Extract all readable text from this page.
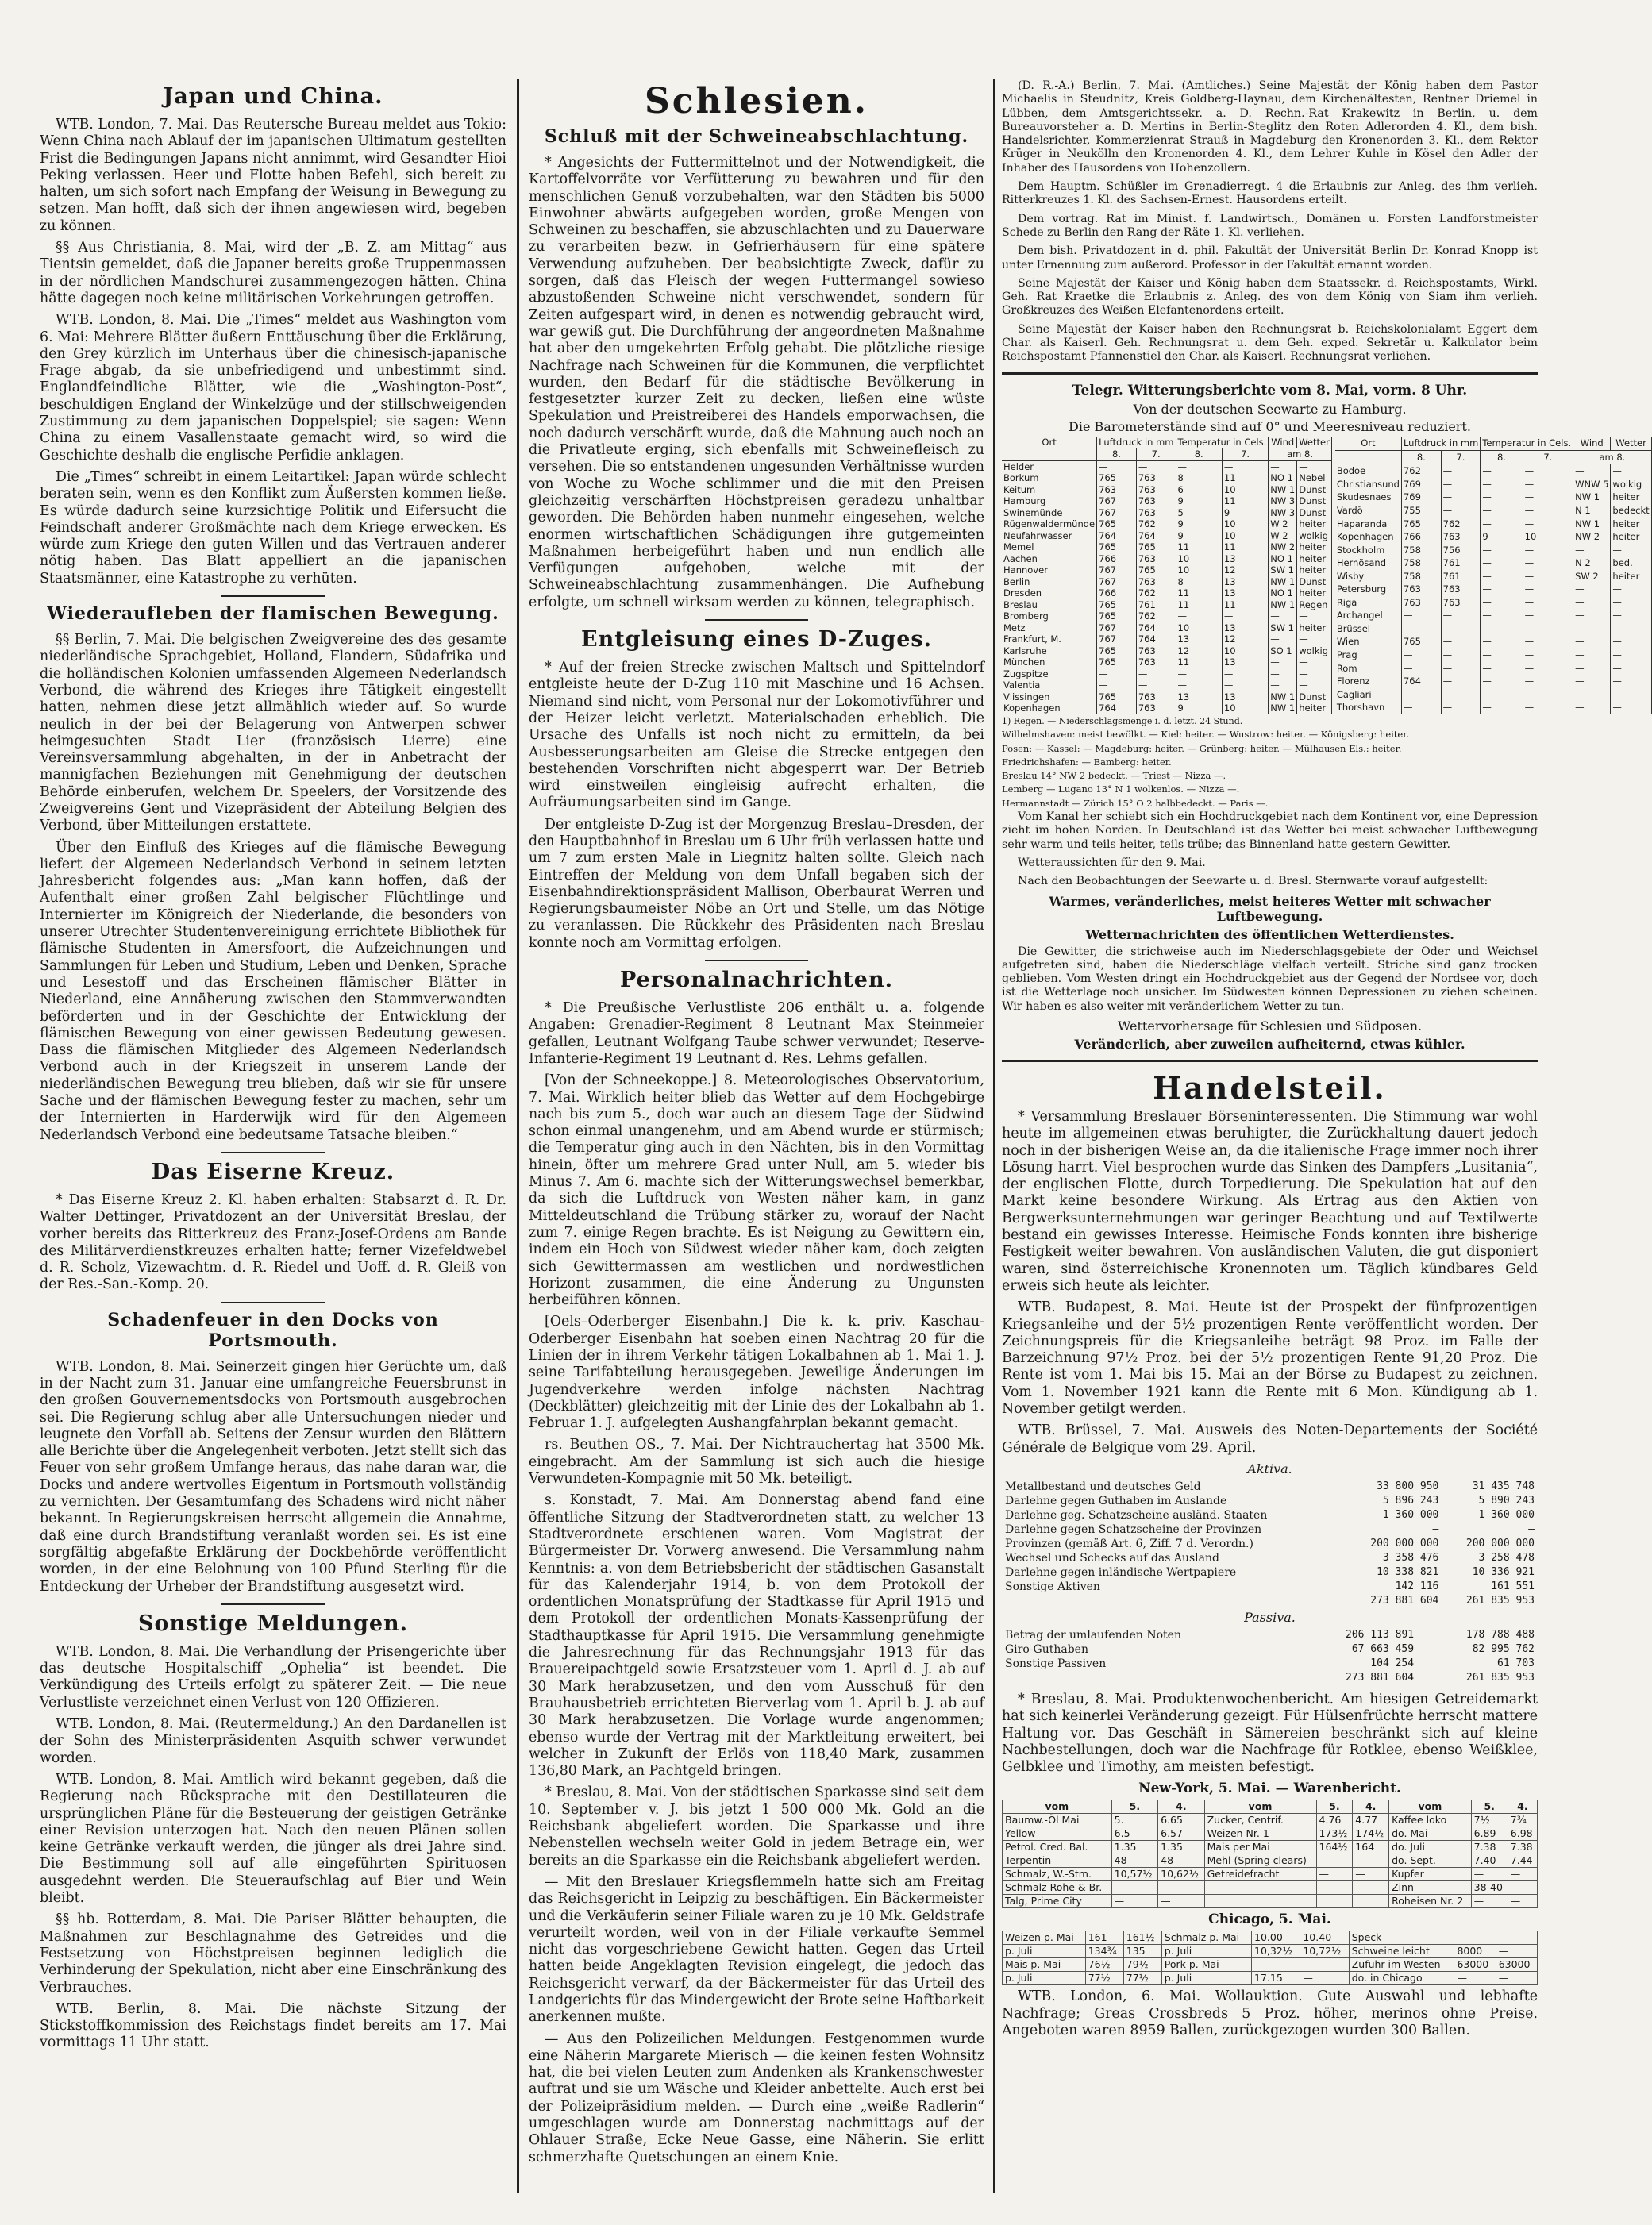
Japan und China.
WTB. London, 7. Mai. Das Reutersche Bureau meldet aus Tokio: Wenn China nach Ablauf der im japanischen Ultimatum gestellten Frist die Bedingungen Japans nicht annimmt, wird Gesandter Hioi Peking verlassen. Heer und Flotte haben Befehl, sich bereit zu halten, um sich sofort nach Empfang der Weisung in Bewegung zu setzen. Man hofft, daß sich der ihnen angewiesen wird, begeben zu können.
§§ Aus Christiania, 8. Mai, wird der „B. Z. am Mittag“ aus Tientsin gemeldet, daß die Japaner bereits große Truppenmassen in der nördlichen Mandschurei zusammengezogen hätten. China hätte dagegen noch keine militärischen Vorkehrungen getroffen.
WTB. London, 8. Mai. Die „Times“ meldet aus Washington vom 6. Mai: Mehrere Blätter äußern Enttäuschung über die Erklärung, den Grey kürzlich im Unterhaus über die chinesisch-japanische Frage abgab, da sie unbefriedigend und unbestimmt sind. Englandfeindliche Blätter, wie die „Washington-Post“, beschuldigen England der Winkelzüge und der stillschweigenden Zustimmung zu dem japanischen Doppelspiel; sie sagen: Wenn China zu einem Vasallenstaate gemacht wird, so wird die Geschichte deshalb die englische Perfidie anklagen.
Die „Times“ schreibt in einem Leitartikel: Japan würde schlecht beraten sein, wenn es den Konflikt zum Äußersten kommen ließe. Es würde dadurch seine kurzsichtige Politik und Eifersucht die Feindschaft anderer Großmächte nach dem Kriege erwecken. Es würde zum Kriege den guten Willen und das Vertrauen anderer nötig haben. Das Blatt appelliert an die japanischen Staatsmänner, eine Katastrophe zu verhüten.
Wiederaufleben der flamischen Bewegung.
§§ Berlin, 7. Mai. Die belgischen Zweigvereine des des gesamte niederländische Sprachgebiet, Holland, Flandern, Südafrika und die holländischen Kolonien umfassenden Algemeen Nederlandsch Verbond, die während des Krieges ihre Tätigkeit eingestellt hatten, nehmen diese jetzt allmählich wieder auf. So wurde neulich in der bei der Belagerung von Antwerpen schwer heimgesuchten Stadt Lier (französisch Lierre) eine Vereinsversammlung abgehalten, in der in Anbetracht der mannigfachen Beziehungen mit Genehmigung der deutschen Behörde einberufen, welchem Dr. Speelers, der Vorsitzende des Zweigvereins Gent und Vizepräsident der Abteilung Belgien des Verbond, über Mitteilungen erstattete.
Über den Einfluß des Krieges auf die flämische Bewegung liefert der Algemeen Nederlandsch Verbond in seinem letzten Jahresbericht folgendes aus: „Man kann hoffen, daß der Aufenthalt einer großen Zahl belgischer Flüchtlinge und Internierter im Königreich der Niederlande, die besonders von unserer Utrechter Studentenvereinigung errichtete Bibliothek für flämische Studenten in Amersfoort, die Aufzeichnungen und Sammlungen für Leben und Studium, Leben und Denken, Sprache und Lesestoff und das Erscheinen flämischer Blätter in Niederland, eine Annäherung zwischen den Stammverwandten beförderten und in der Geschichte der Entwicklung der flämischen Bewegung von einer gewissen Bedeutung gewesen. Dass die flämischen Mitglieder des Algemeen Nederlandsch Verbond auch in der Kriegszeit in unserem Lande der niederländischen Bewegung treu blieben, daß wir sie für unsere Sache und der flämischen Bewegung fester zu machen, sehr um der Internierten in Harderwijk wird für den Algemeen Nederlandsch Verbond eine bedeutsame Tatsache bleiben.“
Das Eiserne Kreuz.
* Das Eiserne Kreuz 2. Kl. haben erhalten: Stabsarzt d. R. Dr. Walter Dettinger, Privatdozent an der Universität Breslau, der vorher bereits das Ritterkreuz des Franz-Josef-Ordens am Bande des Militärverdienstkreuzes erhalten hatte; ferner Vizefeldwebel d. R. Scholz, Vizewachtm. d. R. Riedel und Uoff. d. R. Gleiß von der Res.-San.-Komp. 20.
Schadenfeuer in den Docks von Portsmouth.
WTB. London, 8. Mai. Seinerzeit gingen hier Gerüchte um, daß in der Nacht zum 31. Januar eine umfangreiche Feuersbrunst in den großen Gouvernementsdocks von Portsmouth ausgebrochen sei. Die Regierung schlug aber alle Untersuchungen nieder und leugnete den Vorfall ab. Seitens der Zensur wurden den Blättern alle Berichte über die Angelegenheit verboten. Jetzt stellt sich das Feuer von sehr großem Umfange heraus, das nahe daran war, die Docks und andere wertvolles Eigentum in Portsmouth vollständig zu vernichten. Der Gesamtumfang des Schadens wird nicht näher bekannt. In Regierungskreisen herrscht allgemein die Annahme, daß eine durch Brandstiftung veranlaßt worden sei. Es ist eine sorgfältig abgefaßte Erklärung der Dockbehörde veröffentlicht worden, in der eine Belohnung von 100 Pfund Sterling für die Entdeckung der Urheber der Brandstiftung ausgesetzt wird.
Sonstige Meldungen.
WTB. London, 8. Mai. Die Verhandlung der Prisengerichte über das deutsche Hospitalschiff „Ophelia“ ist beendet. Die Verkündigung des Urteils erfolgt zu späterer Zeit. — Die neue Verlustliste verzeichnet einen Verlust von 120 Offizieren.
WTB. London, 8. Mai. (Reutermeldung.) An den Dardanellen ist der Sohn des Ministerpräsidenten Asquith schwer verwundet worden.
WTB. London, 8. Mai. Amtlich wird bekannt gegeben, daß die Regierung nach Rücksprache mit den Destillateuren die ursprünglichen Pläne für die Besteuerung der geistigen Getränke einer Revision unterzogen hat. Nach den neuen Plänen sollen keine Getränke verkauft werden, die jünger als drei Jahre sind. Die Bestimmung soll auf alle eingeführten Spirituosen ausgedehnt werden. Die Steueraufschlag auf Bier und Wein bleibt.
§§ hb. Rotterdam, 8. Mai. Die Pariser Blätter behaupten, die Maßnahmen zur Beschlagnahme des Getreides und die Festsetzung von Höchstpreisen beginnen lediglich die Verhinderung der Spekulation, nicht aber eine Einschränkung des Verbrauches.
WTB. Berlin, 8. Mai. Die nächste Sitzung der Stickstoffkommission des Reichstags findet bereits am 17. Mai vormittags 11 Uhr statt.
Schlesien.
Schluß mit der Schweineabschlachtung.
* Angesichts der Futtermittelnot und der Notwendigkeit, die Kartoffelvorräte vor Verfütterung zu bewahren und für den menschlichen Genuß vorzubehalten, war den Städten bis 5000 Einwohner abwärts aufgegeben worden, große Mengen von Schweinen zu beschaffen, sie abzuschlachten und zu Dauerware zu verarbeiten bezw. in Gefrierhäusern für eine spätere Verwendung aufzuheben. Der beabsichtigte Zweck, dafür zu sorgen, daß das Fleisch der wegen Futtermangel sowieso abzustoßenden Schweine nicht verschwendet, sondern für Zeiten aufgespart wird, in denen es notwendig gebraucht wird, war gewiß gut. Die Durchführung der angeordneten Maßnahme hat aber den umgekehrten Erfolg gehabt. Die plötzliche riesige Nachfrage nach Schweinen für die Kommunen, die verpflichtet wurden, den Bedarf für die städtische Bevölkerung in festgesetzter kurzer Zeit zu decken, ließen eine wüste Spekulation und Preistreiberei des Handels emporwachsen, die noch dadurch verschärft wurde, daß die Mahnung auch noch an die Privatleute erging, sich ebenfalls mit Schweinefleisch zu versehen. Die so entstandenen ungesunden Verhältnisse wurden von Woche zu Woche schlimmer und die mit den Preisen gleichzeitig verschärften Höchstpreisen geradezu unhaltbar geworden. Die Behörden haben nunmehr eingesehen, welche enormen wirtschaftlichen Schädigungen ihre gutgemeinten Maßnahmen herbeigeführt haben und nun endlich alle Verfügungen aufgehoben, welche mit der Schweineabschlachtung zusammenhängen. Die Aufhebung erfolgte, um schnell wirksam werden zu können, telegraphisch.
Entgleisung eines D-Zuges.
* Auf der freien Strecke zwischen Maltsch und Spittelndorf entgleiste heute der D-Zug 110 mit Maschine und 16 Achsen. Niemand sind nicht, vom Personal nur der Lokomotivführer und der Heizer leicht verletzt. Materialschaden erheblich. Die Ursache des Unfalls ist noch nicht zu ermitteln, da bei Ausbesserungsarbeiten am Gleise die Strecke entgegen den bestehenden Vorschriften nicht abgesperrt war. Der Betrieb wird einstweilen eingleisig aufrecht erhalten, die Aufräumungsarbeiten sind im Gange.
Der entgleiste D-Zug ist der Morgenzug Breslau–Dresden, der den Hauptbahnhof in Breslau um 6 Uhr früh verlassen hatte und um 7 zum ersten Male in Liegnitz halten sollte. Gleich nach Eintreffen der Meldung von dem Unfall begaben sich der Eisenbahndirektionspräsident Mallison, Oberbaurat Werren und Regierungsbaumeister Nöbe an Ort und Stelle, um das Nötige zu veranlassen. Die Rückkehr des Präsidenten nach Breslau konnte noch am Vormittag erfolgen.
Personalnachrichten.
* Die Preußische Verlustliste 206 enthält u. a. folgende Angaben: Grenadier-Regiment 8 Leutnant Max Steinmeier gefallen, Leutnant Wolfgang Taube schwer verwundet; Reserve-Infanterie-Regiment 19 Leutnant d. Res. Lehms gefallen.
[Von der Schneekoppe.] 8. Meteorologisches Observatorium, 7. Mai. Wirklich heiter blieb das Wetter auf dem Hochgebirge nach bis zum 5., doch war auch an diesem Tage der Südwind schon einmal unangenehm, und am Abend wurde er stürmisch; die Temperatur ging auch in den Nächten, bis in den Vormittag hinein, öfter um mehrere Grad unter Null, am 5. wieder bis Minus 7. Am 6. machte sich der Witterungswechsel bemerkbar, da sich die Luftdruck von Westen näher kam, in ganz Mitteldeutschland die Trübung stärker zu, worauf der Nacht zum 7. einige Regen brachte. Es ist Neigung zu Gewittern ein, indem ein Hoch von Südwest wieder näher kam, doch zeigten sich Gewittermassen am westlichen und nordwestlichen Horizont zusammen, die eine Änderung zu Ungunsten herbeiführen können.
[Oels–Oderberger Eisenbahn.] Die k. k. priv. Kaschau-Oderberger Eisenbahn hat soeben einen Nachtrag 20 für die Linien der in ihrem Verkehr tätigen Lokalbahnen ab 1. Mai 1. J. seine Tarifabteilung herausgegeben. Jeweilige Änderungen im Jugendverkehre werden infolge nächsten Nachtrag (Deckblätter) gleichzeitig mit der Linie des der Lokalbahn ab 1. Februar 1. J. aufgelegten Aushangfahrplan bekannt gemacht.
rs. Beuthen OS., 7. Mai. Der Nichtrauchertag hat 3500 Mk. eingebracht. Am der Sammlung ist sich auch die hiesige Verwundeten-Kompagnie mit 50 Mk. beteiligt.
s. Konstadt, 7. Mai. Am Donnerstag abend fand eine öffentliche Sitzung der Stadtverordneten statt, zu welcher 13 Stadtverordnete erschienen waren. Vom Magistrat der Bürgermeister Dr. Vorwerg anwesend. Die Versammlung nahm Kenntnis: a. von dem Betriebsbericht der städtischen Gasanstalt für das Kalenderjahr 1914, b. von dem Protokoll der ordentlichen Monatsprüfung der Stadtkasse für April 1915 und dem Protokoll der ordentlichen Monats-Kassenprüfung der Stadthauptkasse für April 1915. Die Versammlung genehmigte die Jahresrechnung für das Rechnungsjahr 1913 für das Brauereipachtgeld sowie Ersatzsteuer vom 1. April d. J. ab auf 30 Mark herabzusetzen, und den vom Ausschuß für den Brauhausbetrieb errichteten Bierverlag vom 1. April b. J. ab auf 30 Mark herabzusetzen. Die Vorlage wurde angenommen; ebenso wurde der Vertrag mit der Marktleitung erweitert, bei welcher in Zukunft der Erlös von 118,40 Mark, zusammen 136,80 Mark, an Pachtgeld bringen.
* Breslau, 8. Mai. Von der städtischen Sparkasse sind seit dem 10. September v. J. bis jetzt 1 500 000 Mk. Gold an die Reichsbank abgeliefert worden. Die Sparkasse und ihre Nebenstellen wechseln weiter Gold in jedem Betrage ein, wer bereits an die Sparkasse ein die Reichsbank abgeliefert werden.
— Mit den Breslauer Kriegsflemmeln hatte sich am Freitag das Reichsgericht in Leipzig zu beschäftigen. Ein Bäckermeister und die Verkäuferin seiner Filiale waren zu je 10 Mk. Geldstrafe verurteilt worden, weil von in der Filiale verkaufte Semmel nicht das vorgeschriebene Gewicht hatten. Gegen das Urteil hatten beide Angeklagten Revision eingelegt, die jedoch das Reichsgericht verwarf, da der Bäckermeister für das Urteil des Landgerichts für das Mindergewicht der Brote seine Haftbarkeit anerkennen mußte.
— Aus den Polizeilichen Meldungen. Festgenommen wurde eine Näherin Margarete Mierisch — die keinen festen Wohnsitz hat, die bei vielen Leuten zum Andenken als Krankenschwester auftrat und sie um Wäsche und Kleider anbettelte. Auch erst bei der Polizeipräsidium melden. — Durch eine „weiße Radlerin“ umgeschlagen wurde am Donnerstag nachmittags auf der Ohlauer Straße, Ecke Neue Gasse, eine Näherin. Sie erlitt schmerzhafte Quetschungen an einem Knie.
(D. R.-A.) Berlin, 7. Mai. (Amtliches.) Seine Majestät der König haben dem Pastor Michaelis in Steudnitz, Kreis Goldberg-Haynau, dem Kirchenältesten, Rentner Driemel in Lübben, dem Amtsgerichtssekr. a. D. Rechn.-Rat Krakewitz in Berlin, u. dem Bureauvorsteher a. D. Mertins in Berlin-Steglitz den Roten Adlerorden 4. Kl., dem bish. Handelsrichter, Kommerzienrat Strauß in Magdeburg den Kronenorden 3. Kl., dem Rektor Krüger in Neukölln den Kronenorden 4. Kl., dem Lehrer Kuhle in Kösel den Adler der Inhaber des Hausordens von Hohenzollern.
Dem Hauptm. Schüßler im Grenadierregt. 4 die Erlaubnis zur Anleg. des ihm verlieh. Ritterkreuzes 1. Kl. des Sachsen-Ernest. Hausordens erteilt.
Dem vortrag. Rat im Minist. f. Landwirtsch., Domänen u. Forsten Landforstmeister Schede zu Berlin den Rang der Räte 1. Kl. verliehen.
Dem bish. Privatdozent in d. phil. Fakultät der Universität Berlin Dr. Konrad Knopp ist unter Ernennung zum außerord. Professor in der Fakultät ernannt worden.
Seine Majestät der Kaiser und König haben dem Staatssekr. d. Reichspostamts, Wirkl. Geh. Rat Kraetke die Erlaubnis z. Anleg. des von dem König von Siam ihm verlieh. Großkreuzes des Weißen Elefantenordens erteilt.
Seine Majestät der Kaiser haben den Rechnungsrat b. Reichskolonialamt Eggert dem Char. als Kaiserl. Geh. Rechnungsrat u. dem Geh. exped. Sekretär u. Kalkulator beim Reichspostamt Pfannenstiel den Char. als Kaiserl. Rechnungsrat verliehen.
Telegr. Witterungsberichte vom 8. Mai, vorm. 8 Uhr.
Von der deutschen Seewarte zu Hamburg.
Die Barometerstände sind auf 0° und Meeresniveau reduziert.
Ort	Luftdruck in mm		Temperatur in Cels.		Wind	Wetter
	8.	7.	8.	7.	am 8.	
Helder	—	—	—	—	—	—
Borkum	765	763	8	11	NO 1	Nebel
Keitum	763	763	6	10	NW 1	Dunst
Hamburg	767	763	9	11	NW 3	Dunst
Swinemünde	767	763	5	9	NW 3	Dunst
Rügenwaldermünde	765	762	9	10	W 2	heiter
Neufahrwasser	764	764	9	10	W 2	wolkig
Memel	765	765	11	11	NW 2	heiter
Aachen	766	763	10	13	NO 1	heiter
Hannover	767	765	10	12	SW 1	heiter
Berlin	767	763	8	13	NW 1	Dunst
Dresden	766	762	11	13	NO 1	heiter
Breslau	765	761	11	11	NW 1	Regen
Bromberg	765	762	—	—	—	—
Metz	767	764	10	13	SW 1	heiter
Frankfurt, M.	767	764	13	12	—	—
Karlsruhe	765	763	12	10	SO 1	wolkig
München	765	763	11	13	—	—
Zugspitze	—	—	—	—	—	—
Valentia	—	—	—	—	—	—
Vlissingen	765	763	13	13	NW 1	Dunst
Kopenhagen	764	763	9	10	NW 1	heiter
Ort	Luftdruck in mm		Temperatur in Cels.		Wind	Wetter
	8.	7.	8.	7.	am 8.	
Bodoe	762	—	—	—	—	—
Christiansund	769	—	—	—	WNW 5	wolkig
Skudesnaes	769	—	—	—	NW 1	heiter
Vardö	755	—	—	—	N 1	bedeckt
Haparanda	765	762	—	—	NW 1	heiter
Kopenhagen	766	763	9	10	NW 2	heiter
Stockholm	758	756	—	—	—	—
Hernösand	758	761	—	—	N 2	bed.
Wisby	758	761	—	—	SW 2	heiter
Petersburg	763	763	—	—	—	—
Riga	763	763	—	—	—	—
Archangel	—	—	—	—	—	—
Brüssel	—	—	—	—	—	—
Wien	765	—	—	—	—	—
Prag	—	—	—	—	—	—
Rom	—	—	—	—	—	—
Florenz	764	—	—	—	—	—
Cagliari	—	—	—	—	—	—
Thorshavn	—	—	—	—	—	—
1) Regen. — Niederschlagsmenge i. d. letzt. 24 Stund.
Wilhelmshaven: meist bewölkt. — Kiel: heiter. — Wustrow: heiter. — Königsberg: heiter.
Posen: — Kassel: — Magdeburg: heiter. — Grünberg: heiter. — Mülhausen Els.: heiter.
Friedrichshafen: — Bamberg: heiter.
Breslau 14° NW 2 bedeckt. — Triest — Nizza —.
Lemberg — Lugano 13° N 1 wolkenlos. — Nizza —.
Hermannstadt — Zürich 15° O 2 halbbedeckt. — Paris —.
Vom Kanal her schiebt sich ein Hochdruckgebiet nach dem Kontinent vor, eine Depression zieht im hohen Norden. In Deutschland ist das Wetter bei meist schwacher Luftbewegung sehr warm und teils heiter, teils trübe; das Binnenland hatte gestern Gewitter.
Wetteraussichten für den 9. Mai.
Nach den Beobachtungen der Seewarte u. d. Bresl. Sternwarte vorauf aufgestellt:
Warmes, veränderliches, meist heiteres Wetter mit schwacher Luftbewegung.
Wetternachrichten des öffentlichen Wetterdienstes.
Die Gewitter, die strichweise auch im Niederschlagsgebiete der Oder und Weichsel aufgetreten sind, haben die Niederschläge vielfach verteilt. Striche sind ganz trocken geblieben. Vom Westen dringt ein Hochdruckgebiet aus der Gegend der Nordsee vor, doch ist die Wetterlage noch unsicher. Im Südwesten können Depressionen zu ziehen scheinen. Wir haben es also weiter mit veränderlichem Wetter zu tun.
Wettervorhersage für Schlesien und Südposen.
Veränderlich, aber zuweilen aufheiternd, etwas kühler.
Handelsteil.
* Versammlung Breslauer Börseninteressenten. Die Stimmung war wohl heute im allgemeinen etwas beruhigter, die Zurückhaltung dauert jedoch noch in der bisherigen Weise an, da die italienische Frage immer noch ihrer Lösung harrt. Viel besprochen wurde das Sinken des Dampfers „Lusitania“, der englischen Flotte, durch Torpedierung. Die Spekulation hat auf den Markt keine besondere Wirkung. Als Ertrag aus den Aktien von Bergwerksunternehmungen war geringer Beachtung und auf Textilwerte bestand ein gewisses Interesse. Heimische Fonds konnten ihre bisherige Festigkeit weiter bewahren. Von ausländischen Valuten, die gut disponiert waren, sind österreichische Kronennoten um. Täglich kündbares Geld erweis sich heute als leichter.
WTB. Budapest, 8. Mai. Heute ist der Prospekt der fünfprozentigen Kriegsanleihe und der 5½ prozentigen Rente veröffentlicht worden. Der Zeichnungspreis für die Kriegsanleihe beträgt 98 Proz. im Falle der Barzeichnung 97½ Proz. bei der 5½ prozentigen Rente 91,20 Proz. Die Rente ist vom 1. Mai bis 15. Mai an der Börse zu Budapest zu zeichnen. Vom 1. November 1921 kann die Rente mit 6 Mon. Kündigung ab 1. November getilgt werden.
WTB. Brüssel, 7. Mai. Ausweis des Noten-Departements der Société Générale de Belgique vom 29. April.
Aktiva.
Metallbestand und deutsches Geld	33 800 950	31 435 748
Darlehne gegen Guthaben im Auslande	5 896 243	5 890 243
Darlehne geg. Schatzscheine ausländ. Staaten	1 360 000	1 360 000
Darlehne gegen Schatzscheine der Provinzen	—	—
Provinzen (gemäß Art. 6, Ziff. 7 d. Verordn.)	200 000 000	200 000 000
Wechsel und Schecks auf das Ausland	3 358 476	3 258 478
Darlehne gegen inländische Wertpapiere	10 338 821	10 336 921
Sonstige Aktiven	142 116	161 551
	273 881 604	261 835 953
Passiva.
Betrag der umlaufenden Noten	206 113 891	178 788 488
Giro-Guthaben	67 663 459	82 995 762
Sonstige Passiven	104 254	61 703
	273 881 604	261 835 953
* Breslau, 8. Mai. Produktenwochenbericht. Am hiesigen Getreidemarkt hat sich keinerlei Veränderung gezeigt. Für Hülsenfrüchte herrscht mattere Haltung vor. Das Geschäft in Sämereien beschränkt sich auf kleine Nachbestellungen, doch war die Nachfrage für Rotklee, ebenso Weißklee, Gelbklee und Timothy, am meisten befestigt.
New-York, 5. Mai. — Warenbericht.
vom	5.	4.	vom	5.	4.	vom	5.	4.
Baumw.-Öl Mai	5.	6.65	Zucker, Centrif.	4.76	4.77	Kaffee loko	7½	7¾
Yellow	6.5	6.57	Weizen Nr. 1	173½	174½	do. Mai	6.89	6.98
Petrol. Cred. Bal.	1.35	1.35	Mais per Mai	164½	164	do. Juli	7.38	7.38
Terpentin	48	48	Mehl (Spring clears)	—	—	do. Sept.	7.40	7.44
Schmalz, W.-Stm.	10,57½	10,62½	Getreidefracht	—	—	Kupfer	—	—
Schmalz Rohe & Br.	—	—				Zinn	38-40	—
Talg, Prime City	—	—				Roheisen Nr. 2	—	—
Chicago, 5. Mai.
Weizen p. Mai	161	161½	Schmalz p. Mai	10.00	10.40	Speck	—	—
p. Juli	134¾	135	p. Juli	10,32½	10,72½	Schweine leicht	8000	—
Mais p. Mai	76½	79½	Pork p. Mai	—	—	Zufuhr im Westen	63000	63000
p. Juli	77½	77½	p. Juli	17.15	—	do. in Chicago	—	—
WTB. London, 6. Mai. Wollauktion. Gute Auswahl und lebhafte Nachfrage; Greas Crossbreds 5 Proz. höher, merinos ohne Preise. Angeboten waren 8959 Ballen, zurückgezogen wurden 300 Ballen.
